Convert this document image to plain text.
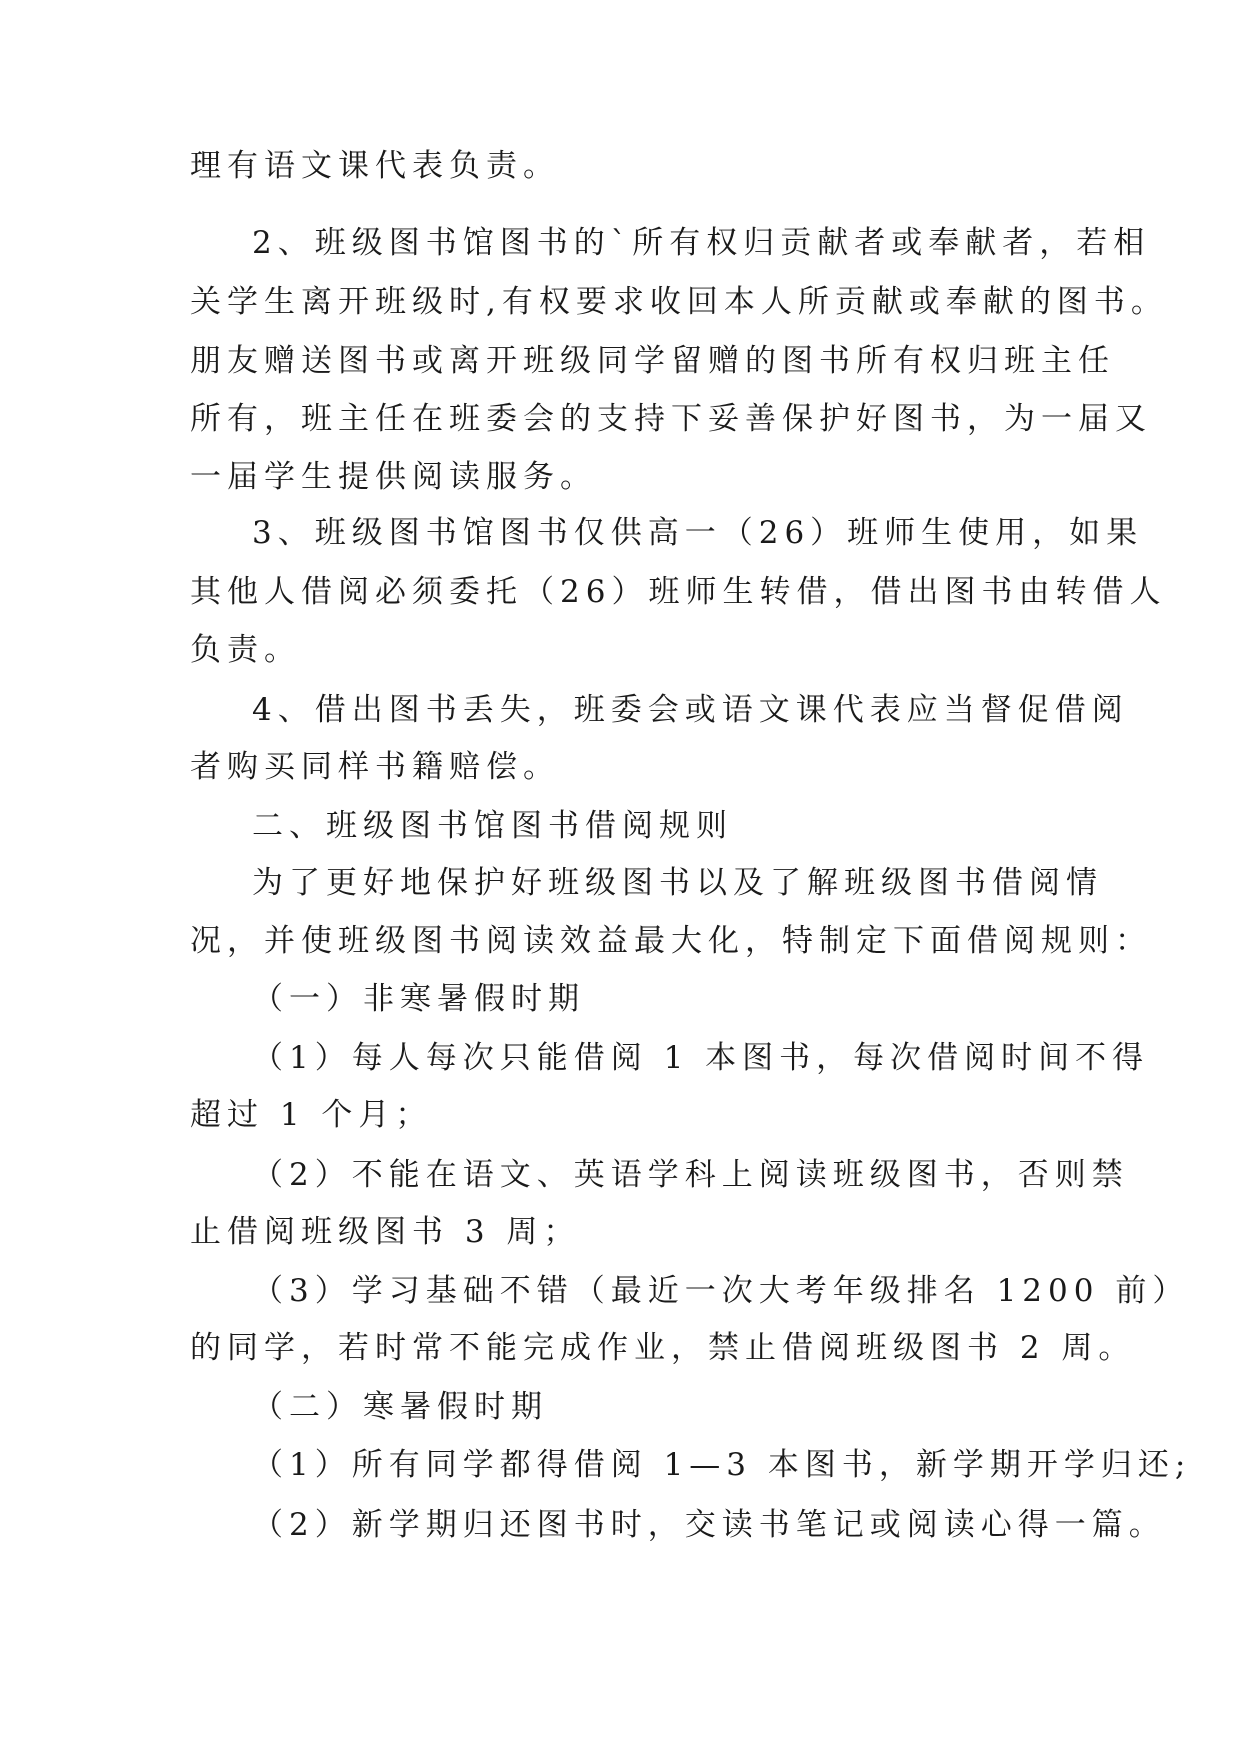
理有语文课代表负责。

2、班级图书馆图书的`所有权归贡献者或奉献者，若相

关学生离开班级时,有权要求收回本人所贡献或奉献的图书。

朋友赠送图书或离开班级同学留赠的图书所有权归班主任

所有，班主任在班委会的支持下妥善保护好图书，为一届又

一届学生提供阅读服务。

3、班级图书馆图书仅供高一（26）班师生使用，如果

其他人借阅必须委托（26）班师生转借，借出图书由转借人

负责。

4、借出图书丢失，班委会或语文课代表应当督促借阅

者购买同样书籍赔偿。

二、班级图书馆图书借阅规则

为了更好地保护好班级图书以及了解班级图书借阅情

况，并使班级图书阅读效益最大化，特制定下面借阅规则：

（一）非寒暑假时期

（1）每人每次只能借阅 1 本图书，每次借阅时间不得

超过 1 个月；

（2）不能在语文、英语学科上阅读班级图书，否则禁

止借阅班级图书 3 周；

（3）学习基础不错（最近一次大考年级排名 1200 前）

的同学，若时常不能完成作业，禁止借阅班级图书 2 周。

（二）寒暑假时期

（1）所有同学都得借阅 1—3 本图书，新学期开学归还;

（2）新学期归还图书时，交读书笔记或阅读心得一篇。
